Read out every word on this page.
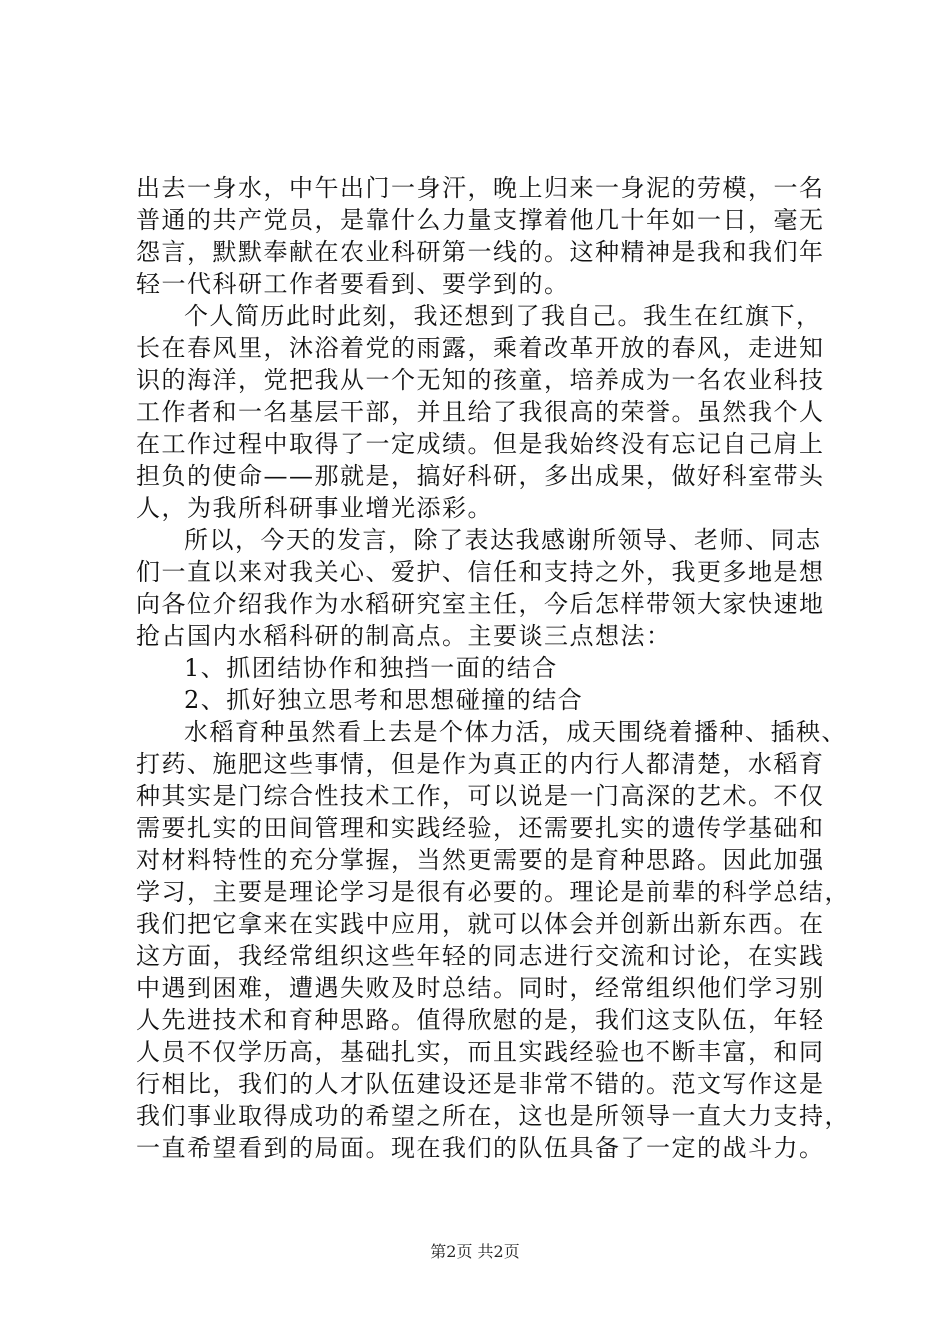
出去一身水，中午出门一身汗，晚上归来一身泥的劳模，一名
普通的共产党员，是靠什么力量支撑着他几十年如一日，毫无
怨言，默默奉献在农业科研第一线的。这种精神是我和我们年
轻一代科研工作者要看到、要学到的。
个人简历此时此刻，我还想到了我自己。我生在红旗下，
长在春风里，沐浴着党的雨露，乘着改革开放的春风，走进知
识的海洋，党把我从一个无知的孩童，培养成为一名农业科技
工作者和一名基层干部，并且给了我很高的荣誉。虽然我个人
在工作过程中取得了一定成绩。但是我始终没有忘记自己肩上
担负的使命——那就是，搞好科研，多出成果，做好科室带头
人，为我所科研事业增光添彩。
所以，今天的发言，除了表达我感谢所领导、老师、同志
们一直以来对我关心、爱护、信任和支持之外，我更多地是想
向各位介绍我作为水稻研究室主任，今后怎样带领大家快速地
抢占国内水稻科研的制高点。主要谈三点想法：
1、抓团结协作和独挡一面的结合
2、抓好独立思考和思想碰撞的结合
水稻育种虽然看上去是个体力活，成天围绕着播种、插秧、
打药、施肥这些事情，但是作为真正的内行人都清楚，水稻育
种其实是门综合性技术工作，可以说是一门高深的艺术。不仅
需要扎实的田间管理和实践经验，还需要扎实的遗传学基础和
对材料特性的充分掌握，当然更需要的是育种思路。因此加强
学习，主要是理论学习是很有必要的。理论是前辈的科学总结，
我们把它拿来在实践中应用，就可以体会并创新出新东西。在
这方面，我经常组织这些年轻的同志进行交流和讨论，在实践
中遇到困难，遭遇失败及时总结。同时，经常组织他们学习别
人先进技术和育种思路。值得欣慰的是，我们这支队伍，年轻
人员不仅学历高，基础扎实，而且实践经验也不断丰富，和同
行相比，我们的人才队伍建设还是非常不错的。范文写作这是
我们事业取得成功的希望之所在，这也是所领导一直大力支持，
一直希望看到的局面。现在我们的队伍具备了一定的战斗力。
第2页 共2页
